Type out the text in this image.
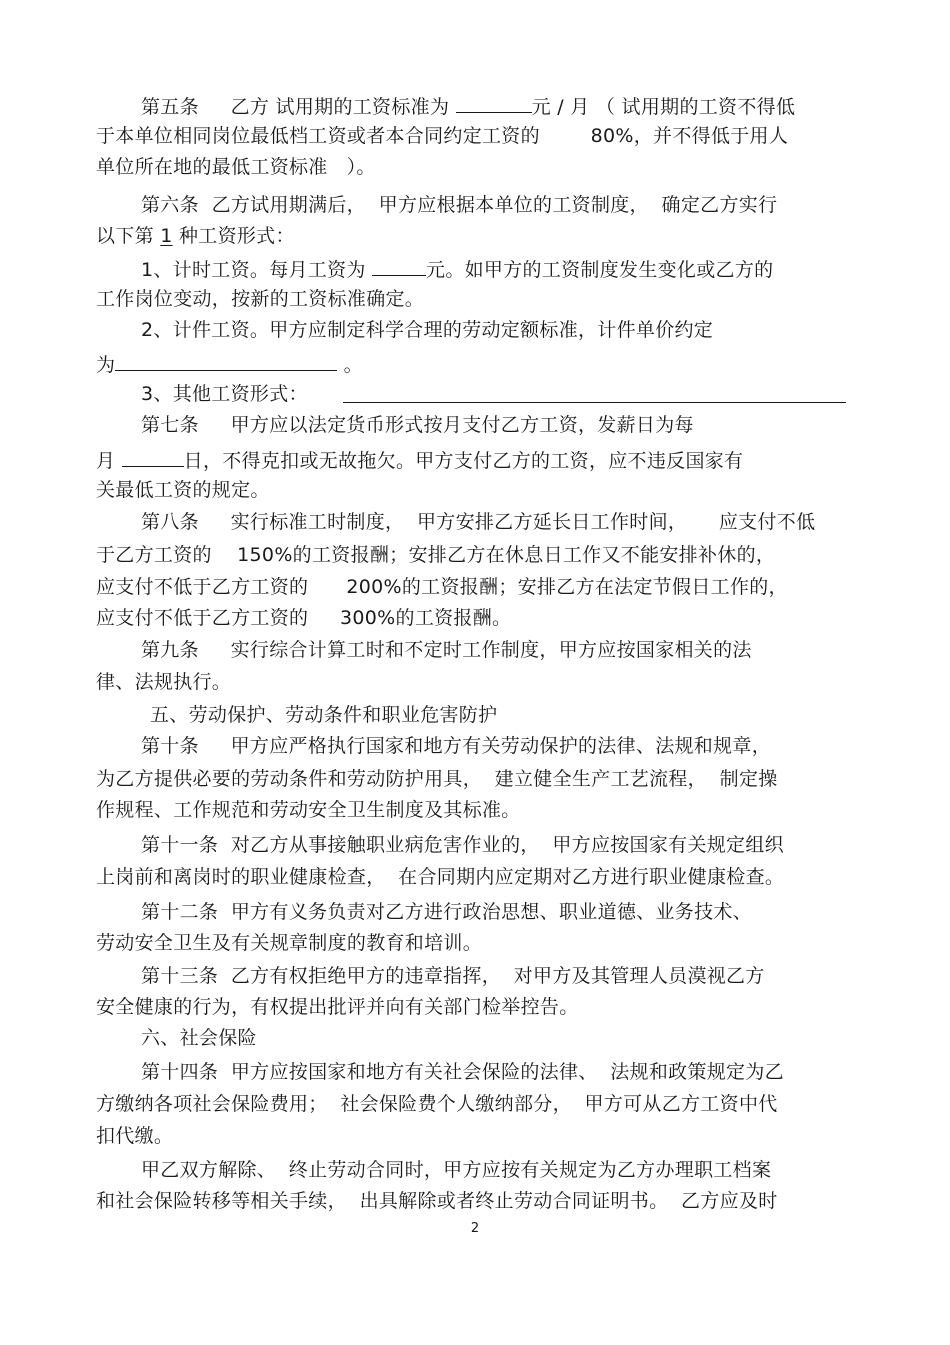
第五条     乙方 试用期的工资标准为	元 / 月 （ 试用期的工资不得低
于本单位相同岗位最低档工资或者本合同约定工资的        80%，并不得低于用人
单位所在地的最低工资标准   ）。
第六条  乙方试用期满后，  甲方应根据本单位的工资制度，  确定乙方实行
以下第 1 种工资形式：
1、计时工资。每月工资为	元。如甲方的工资制度发生变化或乙方的
工作岗位变动，按新的工资标准确定。
2、计件工资。甲方应制定科学合理的劳动定额标准，计件单价约定
为	。
3、其他工资形式：
第七条     甲方应以法定货币形式按月支付乙方工资，发薪日为每
月	日，不得克扣或无故拖欠。甲方支付乙方的工资，应不违反国家有
关最低工资的规定。
第八条     实行标准工时制度，  甲方安排乙方延长日工作时间，     应支付不低
于乙方工资的    150%的工资报酬；安排乙方在休息日工作又不能安排补休的，
应支付不低于乙方工资的      200%的工资报酬；安排乙方在法定节假日工作的，
应支付不低于乙方工资的     300%的工资报酬。
第九条     实行综合计算工时和不定时工作制度，甲方应按国家相关的法
律、法规执行。
五、劳动保护、劳动条件和职业危害防护
第十条     甲方应严格执行国家和地方有关劳动保护的法律、法规和规章，
为乙方提供必要的劳动条件和劳动防护用具，  建立健全生产工艺流程，  制定操
作规程、工作规范和劳动安全卫生制度及其标准。
第十一条  对乙方从事接触职业病危害作业的，  甲方应按国家有关规定组织
上岗前和离岗时的职业健康检查，  在合同期内应定期对乙方进行职业健康检查。
第十二条  甲方有义务负责对乙方进行政治思想、职业道德、业务技术、
劳动安全卫生及有关规章制度的教育和培训。
第十三条  乙方有权拒绝甲方的违章指挥，  对甲方及其管理人员漠视乙方
安全健康的行为，有权提出批评并向有关部门检举控告。
六、社会保险
第十四条  甲方应按国家和地方有关社会保险的法律、  法规和政策规定为乙
方缴纳各项社会保险费用；  社会保险费个人缴纳部分，  甲方可从乙方工资中代
扣代缴。
甲乙双方解除、  终止劳动合同时，甲方应按有关规定为乙方办理职工档案
和社会保险转移等相关手续，  出具解除或者终止劳动合同证明书。  乙方应及时
2
